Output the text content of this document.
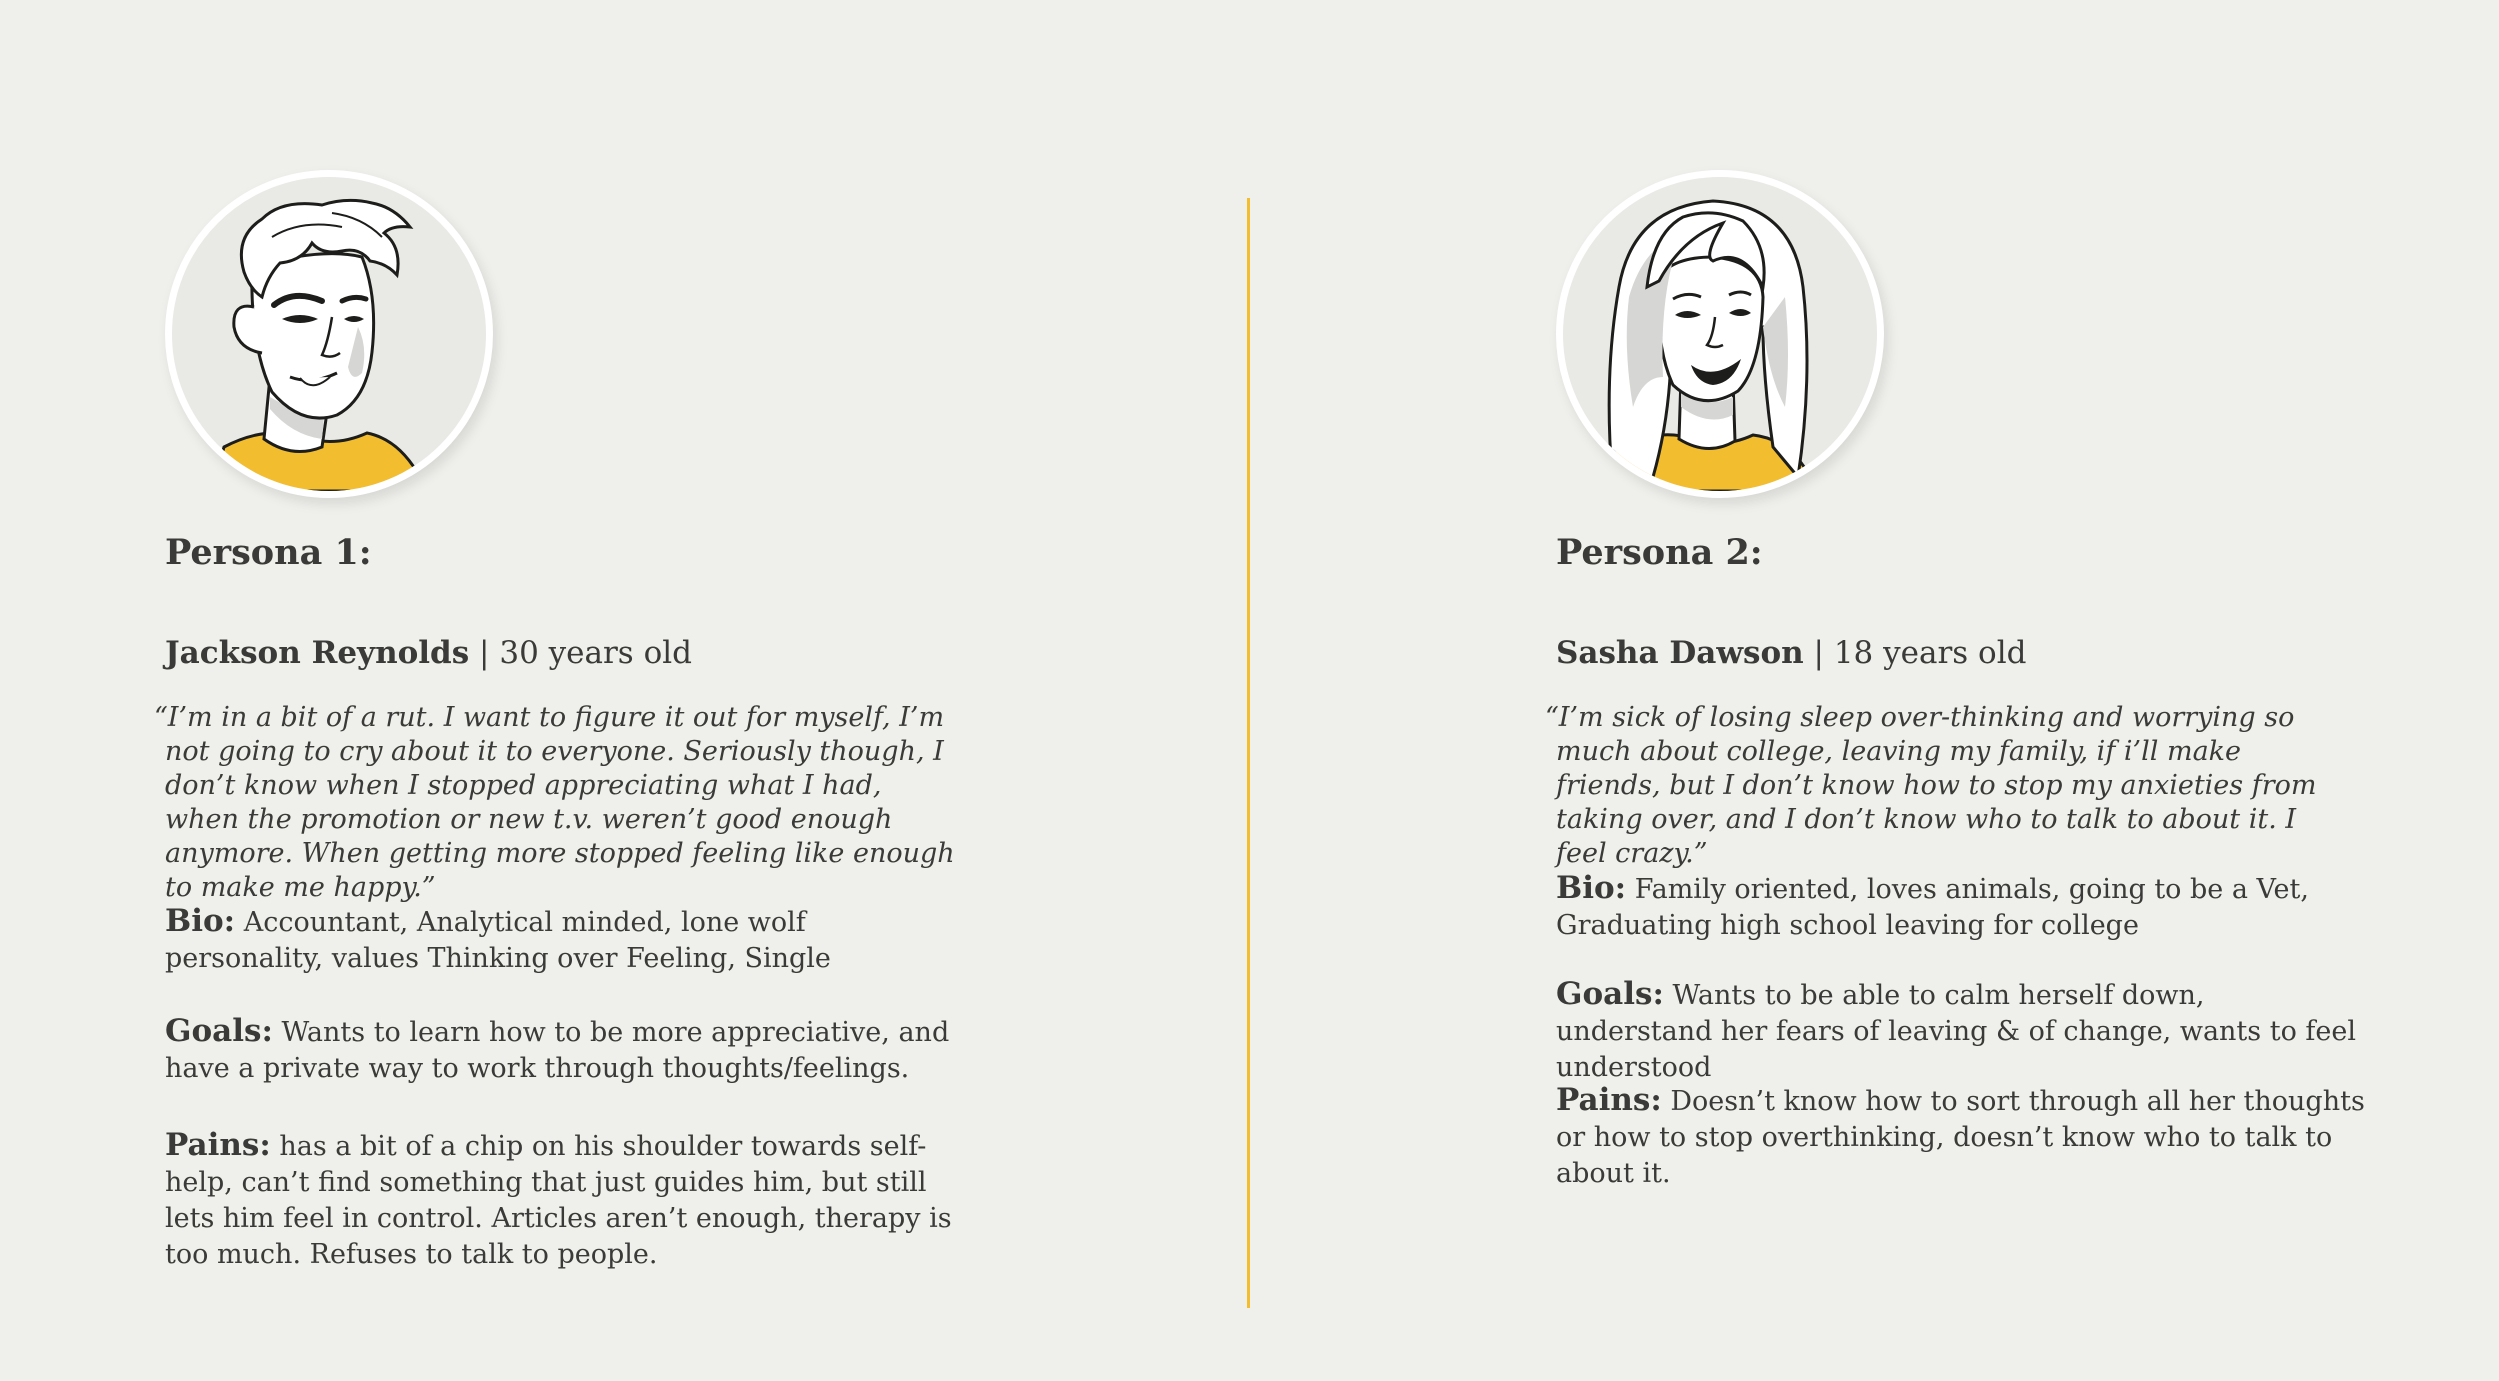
Persona 1:
Jackson Reynolds | 30 years old

“I’m in a bit of a rut. I want to figure it out for myself, I’m not going to cry about it to everyone. Seriously though, I don’t know when I stopped appreciating what I had, when the promotion or new t.v. weren’t good enough anymore. When getting more stopped feeling like enough to make me happy.”

Bio: Accountant, Analytical minded, lone wolf personality, values Thinking over Feeling, Single

Goals: Wants to learn how to be more appreciative, and have a private way to work through thoughts/feelings.

Pains: has a bit of a chip on his shoulder towards self-help, can’t find something that just guides him, but still lets him feel in control. Articles aren’t enough, therapy is too much. Refuses to talk to people.

Persona 2:
Sasha Dawson | 18 years old

“I’m sick of losing sleep over-thinking and worrying so much about college, leaving my family, if i’ll make friends, but I don’t know how to stop my anxieties from taking over, and I don’t know who to talk to about it. I feel crazy.”

Bio: Family oriented, loves animals, going to be a Vet, Graduating high school leaving for college

Goals: Wants to be able to calm herself down, understand her fears of leaving & of change, wants to feel understood

Pains: Doesn’t know how to sort through all her thoughts or how to stop overthinking, doesn’t know who to talk to about it.
